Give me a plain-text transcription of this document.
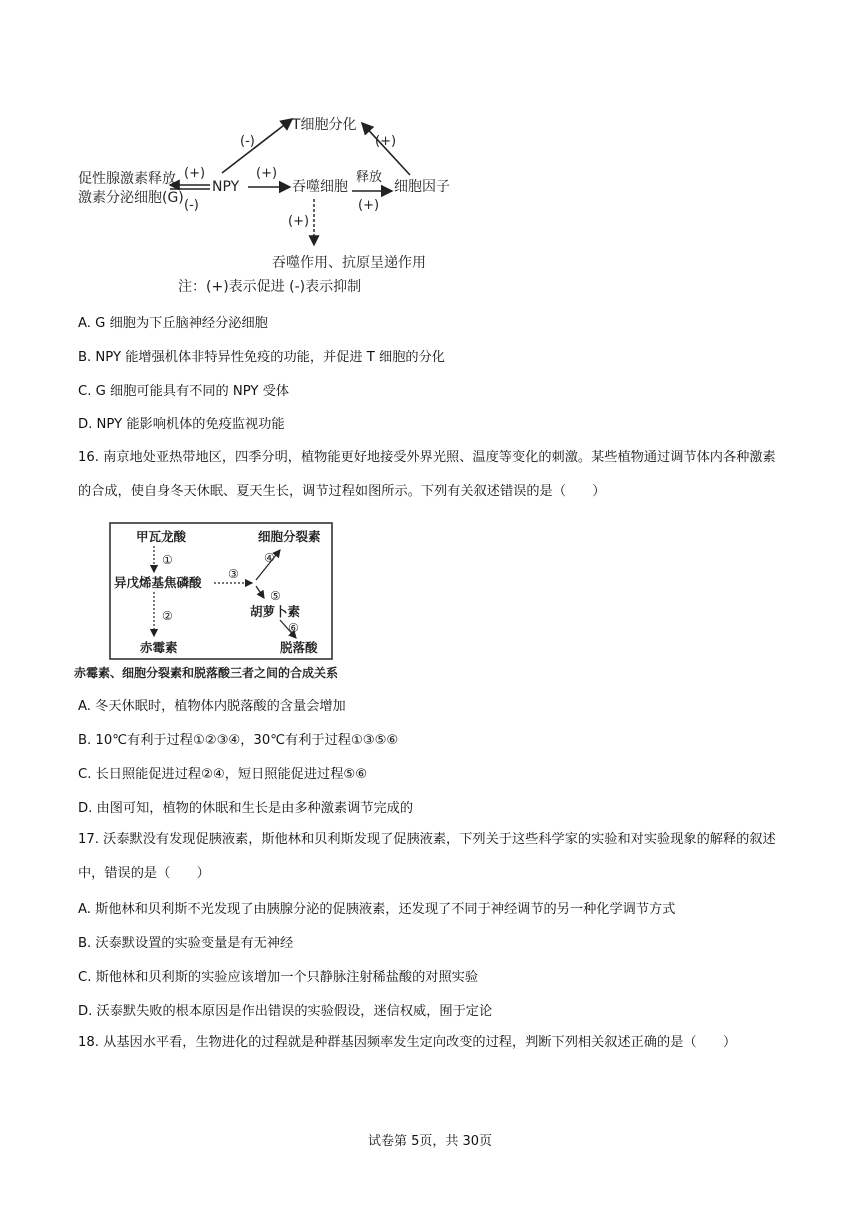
T细胞分化
(-)	(+)
促性腺激素释放
激素分泌细胞(G)
(+)
(-)
NPY
(+)
吞噬细胞
释放
(+)
细胞因子
(+)
吞噬作用、抗原呈递作用
注：(+)表示促进 (-)表示抑制
A. G 细胞为下丘脑神经分泌细胞
B. NPY 能增强机体非特异性免疫的功能，并促进 T 细胞的分化
C. G 细胞可能具有不同的 NPY 受体
D. NPY 能影响机体的免疫监视功能
16. 南京地处亚热带地区，四季分明，植物能更好地接受外界光照、温度等变化的刺激。某些植物通过调节体内各种激素的合成，使自身冬天休眠、夏天生长，调节过程如图所示。下列有关叙述错误的是（　　）
甲瓦龙酸
①
异戊烯基焦磷酸
②
赤霉素
③
细胞分裂素
④
⑤
胡萝卜素
⑥
脱落酸
赤霉素、细胞分裂素和脱落酸三者之间的合成关系
A. 冬天休眠时，植物体内脱落酸的含量会增加
B. 10℃有利于过程①②③④，30℃有利于过程①③⑤⑥
C. 长日照能促进过程②④，短日照能促进过程⑤⑥
D. 由图可知，植物的休眠和生长是由多种激素调节完成的
17. 沃泰默没有发现促胰液素，斯他林和贝利斯发现了促胰液素，下列关于这些科学家的实验和对实验现象的解释的叙述中，错误的是（　　）
A. 斯他林和贝利斯不光发现了由胰腺分泌的促胰液素，还发现了不同于神经调节的另一种化学调节方式
B. 沃泰默设置的实验变量是有无神经
C. 斯他林和贝利斯的实验应该增加一个只静脉注射稀盐酸的对照实验
D. 沃泰默失败的根本原因是作出错误的实验假设，迷信权威，囿于定论
18. 从基因水平看，生物进化的过程就是种群基因频率发生定向改变的过程，判断下列相关叙述正确的是（　　）
试卷第 5页，共 30页
